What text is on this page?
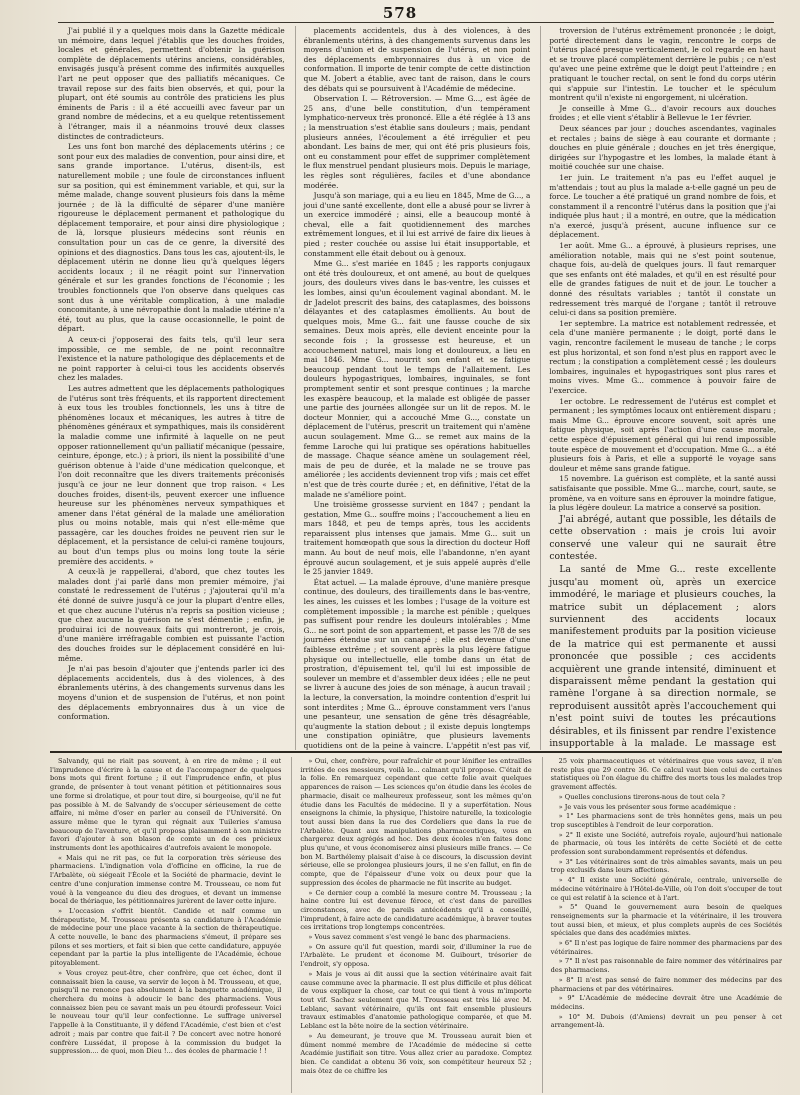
578

J'ai publié il y a quelques mois dans la Gazette médicale un mémoire, dans lequel j'établis que les douches froides, locales et générales, permettent d'obtenir la guérison complète de déplacements utérins anciens, considérables, envisagés jusqu'à présent comme des infirmités auxquelles l'art ne peut opposer que des palliatifs mécaniques. Ce travail repose sur des faits bien observés, et qui, pour la plupart, ont été soumis au contrôle des praticiens les plus éminents de Paris : il a été accueilli avec faveur par un grand nombre de médecins, et a eu quelque retentissement à l'étranger, mais il a néanmoins trouvé deux classes distinctes de contradicteurs.

Les uns font bon marché des déplacements utérins ; ce sont pour eux des maladies de convention, pour ainsi dire, et sans grande importance. L'utérus, disent-ils, est naturellement mobile ; une foule de circonstances influent sur sa position, qui est éminemment variable, et qui, sur la même malade, change souvent plusieurs fois dans la même journée ; de là la difficulté de séparer d'une manière rigoureuse le déplacement permanent et pathologique du déplacement temporaire, et pour ainsi dire physiologique ; de là, lorsque plusieurs médecins sont réunis en consultation pour un cas de ce genre, la diversité des opinions et des diagnostics. Dans tous les cas, ajoutent-ils, le déplacement utérin ne donne lieu qu'à quelques légers accidents locaux ; il ne réagit point sur l'innervation générale et sur les grandes fonctions de l'économie ; les troubles fonctionnels que l'on observe dans quelques cas sont dus à une véritable complication, à une maladie concomitante, à une névropathie dont la maladie utérine n'a été, tout au plus, que la cause occasionnelle, le point de départ.

A ceux-ci j'opposerai des faits tels, qu'il leur sera impossible, ce me semble, de ne point reconnaître l'existence et la nature pathologique des déplacements et de ne point rapporter à celui-ci tous les accidents observés chez les malades.

Les autres admettent que les déplacements pathologiques de l'utérus sont très fréquents, et ils rapportent directement à eux tous les troubles fonctionnels, les uns à titre de phénomènes locaux et mécaniques, les autres à titre de phénomènes généraux et sympathiques, mais ils considèrent la maladie comme une infirmité à laquelle on ne peut opposer rationnellement qu'un palliatif mécanique (pessaire, ceinture, éponge, etc.) ; à priori, ils nient la possibilité d'une guérison obtenue à l'aide d'une médication quelconque, et l'on doit reconnaître que les divers traitements préconisés jusqu'à ce jour ne leur donnent que trop raison. « Les douches froides, disent-ils, peuvent exercer une influence heureuse sur les phénomènes nerveux sympathiques et amener dans l'état général de la malade une amélioration plus ou moins notable, mais qui n'est elle-même que passagère, car les douches froides ne peuvent rien sur le déplacement, et la persistance de celui-ci ramène toujours, au bout d'un temps plus ou moins long toute la série première des accidents. »

A ceux-là je rappellerai, d'abord, que chez toutes les malades dont j'ai parlé dans mon premier mémoire, j'ai constaté le redressement de l'utérus ; j'ajouterai qu'il m'a été donné de suivre jusqu'à ce jour la plupart d'entre elles, et que chez aucune l'utérus n'a repris sa position vicieuse ; que chez aucune la guérison ne s'est démentie ; enfin, je produirai ici de nouveaux faits qui montreront, je crois, d'une manière irréfragable combien est puissante l'action des douches froides sur le déplacement considéré en lui-même.

Je n'ai pas besoin d'ajouter que j'entends parler ici des déplacements accidentels, dus à des violences, à des ébranlements utérins, à des changements survenus dans les moyens d'union et de suspension de l'utérus, et non point des déplacements embryonnaires dus à un vice de conformation.

placements accidentels, dus à des violences, à des ébranlements utérins, à des changements survenus dans les moyens d'union et de suspension de l'utérus, et non point des déplacements embryonnaires dus à un vice de conformation. Il importe de tenir compte de cette distinction que M. Jobert a établie, avec tant de raison, dans le cours des débats qui se poursuivent à l'Académie de médecine.

Observation I. — Rétroversion. — Mme G..., est âgée de 25 ans, d'une belle constitution, d'un tempérament lymphatico-nerveux très prononcé. Elle a été réglée à 13 ans ; la menstruation s'est établie sans douleurs ; mais, pendant plusieurs années, l'écoulement a été irrégulier et peu abondant. Les bains de mer, qui ont été pris plusieurs fois, ont eu constamment pour effet de supprimer complètement le flux menstruel pendant plusieurs mois. Depuis le mariage, les règles sont régulières, faciles et d'une abondance modérée.

Jusqu'à son mariage, qui a eu lieu en 1845, Mme de G..., a joui d'une santé excellente, dont elle a abusé pour se livrer à un exercice immodéré ; ainsi, elle a beaucoup monté à cheval, elle a fait quotidiennement des marches extrêmement longues, et il lui est arrivé de faire dix lieues à pied ; rester couchée ou assise lui était insupportable, et constamment elle était debout ou à genoux.

Mme G... s'est mariée en 1845 ; les rapports conjugaux ont été très douloureux, et ont amené, au bout de quelques jours, des douleurs vives dans le bas-ventre, les cuisses et les lombes, ainsi qu'un écoulement vaginal abondant. M. le dr Jadelot prescrit des bains, des cataplasmes, des boissons délayantes et des cataplasmes émollients. Au bout de quelques mois, Mme G... fait une fausse couche de six semaines. Deux mois après, elle devient enceinte pour la seconde fois ; la grossesse est heureuse, et un accouchement naturel, mais long et douloureux, a lieu en mai 1846. Mme G... nourrit son enfant et se fatigue beaucoup pendant tout le temps de l'allaitement. Les douleurs hypogastriques, lombaires, inguinales, se font promptement sentir et sont presque continues ; la marche les exaspère beaucoup, et la malade est obligée de passer une partie des journées allongée sur un lit de repos. M. le docteur Monnier, qui a accouché Mme G..., constate un déplacement de l'utérus, prescrit un traitement qui n'amène aucun soulagement. Mme G... se remet aux mains de la femme Laroche qui lui pratique ses opérations habituelles de massage. Chaque séance amène un soulagement réel, mais de peu de durée, et la malade ne se trouve pas améliorée ; les accidents deviennent trop vifs ; mais cet effet n'est que de très courte durée ; et, en définitive, l'état de la malade ne s'améliore point.

Une troisième grossesse survient en 1847 ; pendant la gestation, Mme G... souffre moins ; l'accouchement a lieu en mars 1848, et peu de temps après, tous les accidents reparaissent plus intenses que jamais. Mme G... suit un traitement homœopath que sous la direction du docteur Hoff mann. Au bout de neuf mois, elle l'abandonne, n'en ayant éprouvé aucun soulagement, et je suis appelé auprès d'elle le 25 janvier 1849.

État actuel. — La malade éprouve, d'une manière presque continue, des douleurs, des tiraillements dans le bas-ventre, les aines, les cuisses et les lombes ; l'usage de la voiture est complètement impossible ; la marche est pénible ; quelques pas suffisent pour rendre les douleurs intolérables ; Mme G... ne sort point de son appartement, et passe les 7/8 de ses journées étendue sur un canapé ; elle est devenue d'une faiblesse extrême ; et souvent après la plus légère fatigue physique ou intellectuelle, elle tombe dans un état de prostration, d'épuisement tel, qu'il lui est impossible de soulever un membre et d'assembler deux idées ; elle ne peut se livrer à aucune des joies de son ménage, à aucun travail ; la lecture, la conversation, la moindre contention d'esprit lui sont interdites ; Mme G... éprouve constamment vers l'anus une pesanteur, une sensation de gêne très désagréable, qu'augmente la station debout ; il existe depuis longtemps une constipation opiniâtre, que plusieurs lavements quotidiens ont de la peine à vaincre. L'appétit n'est pas vif,

troversion de l'utérus extrêmement prononcée ; le doigt, porté directement dans le vagin, rencontre le corps de l'utérus placé presque verticalement, le col regarde en haut et se trouve placé complètement derrière le pubis ; ce n'est qu'avec une peine extrême que le doigt peut l'atteindre ; en pratiquant le toucher rectal, on sent le fond du corps utérin qui s'appuie sur l'intestin. Le toucher et le spéculum montrent qu'il n'existe ni engorgement, ni ulcération.

Je conseille à Mme G... d'avoir recours aux douches froides ; et elle vient s'établir à Bellevue le 1er février.

Deux séances par jour ; douches ascendantes, vaginales et rectales ; bains de siège à eau courante et dormante ; douches en pluie générale ; douches en jet très énergique, dirigées sur l'hypogastre et les lombes, la malade étant à moitié couchée sur une chaise.

1er juin. Le traitement n'a pas eu l'effet auquel je m'attendais ; tout au plus la malade a-t-elle gagné un peu de force. Le toucher a été pratiqué un grand nombre de fois, et constamment il a rencontré l'utérus dans la position que j'ai indiquée plus haut ; il a montré, en outre, que la médication n'a exercé, jusqu'à présent, aucune influence sur ce déplacement.

1er août. Mme G... a éprouvé, à plusieurs reprises, une amélioration notable, mais qui ne s'est point soutenue, chaque fois, au-delà de quelques jours. Il faut remarquer que ses enfants ont été malades, et qu'il en est résulté pour elle de grandes fatigues de nuit et de jour. Le toucher a donné des résultats variables ; tantôt il constate un redressement très marqué de l'organe ; tantôt il retrouve celui-ci dans sa position première.

1er septembre. La matrice est notablement redressée, et cela d'une manière permanente ; le doigt, porté dans le vagin, rencontre facilement le museau de tanche ; le corps est plus horizontal, et son fond n'est plus en rapport avec le rectum ; la constipation a complètement cessé ; les douleurs lombaires, inguinales et hypogastriques sont plus rares et moins vives. Mme G... commence à pouvoir faire de l'exercice.

1er octobre. Le redressement de l'utérus est complet et permanent ; les symptômes locaux ont entièrement disparu ; mais Mme G... éprouve encore souvent, soit après une fatigue physique, soit après l'action d'une cause morale, cette espèce d'épuisement général qui lui rend impossible toute espèce de mouvement et d'occupation. Mme G... a été plusieurs fois à Paris, et elle a supporté le voyage sans douleur et même sans grande fatigue.

15 novembre. La guérison est complète, et la santé aussi satisfaisante que possible. Mme G... marche, court, saute, se promène, va en voiture sans en éprouver la moindre fatigue, la plus légère douleur. La matrice a conservé sa position.

J'ai abrégé, autant que possible, les détails de cette observation : mais je crois lui avoir conservé une valeur qui ne saurait être contestée.

La santé de Mme G... reste excellente jusqu'au moment où, après un exercice immodéré, le mariage et plusieurs couches, la matrice subit un déplacement ; alors surviennent des accidents locaux manifestement produits par la position vicieuse de la matrice qui est permanente et aussi prononcée que possible ; ces accidents acquièrent une grande intensité, diminuent et disparaissent même pendant la gestation qui ramène l'organe à sa direction normale, se reproduisent aussitôt après l'accouchement qui n'est point suivi de toutes les précautions désirables, et ils finissent par rendre l'existence insupportable à la malade. Le massage est

Salvandy, qui ne riait pas souvent, à en rire de même ; il eut l'imprudence d'écrire à la cause et de l'accompagner de quelques bons mots qui firent fortune ; il eut l'imprudence enfin, et plus grande, de présenter à tout venant pétition et pétitionnaires sous une forme si drolatique, et pour tout dire, si bourgeoise, qu'il ne fut pas possible à M. de Salvandy de s'occuper sérieusement de cette affaire, ni même d'oser en parler au conseil de l'Université. On assure même que le tyran qui régnait aux Tuileries s'amusa beaucoup de l'aventure, et qu'il proposa plaisamment à son ministre favori d'ajouter à son blason de comte un de ces précieux instruments dont les apothicaires d'autrefois avaient le monopole.

« Mais qui ne rit pas, ce fut la corporation très sérieuse des pharmaciens. L'indignation vola d'officine en officine, la rue de l'Arbalète, où siégeait l'École et la Société de pharmacie, devint le centre d'une conjuration immense contre M. Trousseau, ce nom fut voué à la vengeance du dieu des drogues, et devant un immense bocal de thériaque, les pétitionnaires jurèrent de laver cette injure.

» L'occasion s'offrit bientôt. Candide et naïf comme un thérapeutiste, M. Trousseau présenta sa candidature à l'Académie de médecine pour une place vacante à la section de thérapeutique. À cette nouvelle, le banc des pharmaciens s'émeut, il prépare ses pilons et ses mortiers, et fait si bien que cette candidature, appuyée cependant par la partie la plus intelligente de l'Académie, échoue pitoyablement.

» Vous croyez peut-être, cher confrère, que cet échec, dont il connaissait bien la cause, va servir de leçon à M. Trousseau, et que, puisqu'il ne renonce pas absolument à la banquette académique, il cherchera du moins à adoucir le banc des pharmaciens. Vous connaissez bien peu ce savant mais un peu étourdi professeur. Voici le nouveau tour qu'il leur confectionne. Le suffrage universel l'appelle à la Constituante, il y défend l'Académie, c'est bien et c'est adroit ; mais par contre que fait-il ? De concert avec notre honoré confrère Lussédat, il propose à la commission du budget la suppression.... de quoi, mon Dieu !... des écoles de pharmacie ! !

» Oui, cher, confrère, pour rafraîchir et pour lénifier les entrailles irritées de ces messieurs, voilà le... calmant qu'il propose. C'était de la folie. En remarquez cependant que cette folie avait quelques apparences de raison — Les sciences qu'on étudie dans les écoles de pharmacie, disait ce malheureux professeur, sont les mêmes qu'on étudie dans les Facultés de médecine. Il y a superfétation. Nous enseignons la chimie, la physique, l'histoire naturelle, la toxicologie tout aussi bien dans la rue des Cordeliers que dans la rue de l'Arbalète. Quant aux manipulations pharmaceutiques, vous en chargerez deux agrégés ad hoc. Des deux écoles n'en faites donc plus qu'une, et vous économiserez ainsi plusieurs mille francs. — Ce bon M. Barthélemy plaisait d'aise à ce discours, la discussion devint sérieuse, elle se prolongea plusieurs jours, il ne s'en fallut, en fin de compte, que de l'épaisseur d'une voix ou deux pour que la suppression des écoles de pharmacie ne fût inscrite au budget.

» Ce dernier coup a comblé la mesure contre M. Trousseau ; la haine contre lui est devenue féroce, et c'est dans de pareilles circonstances, avec de pareils antécédents qu'il a conseillé, l'imprudent, à faire acte de candidature académique, à braver toutes ces irritations trop longtemps concentrées.

» Vous savez comment s'est vengé le banc des pharmaciens.

» On assure qu'il fut question, mardi soir, d'illuminer la rue de l'Arbalète. Le prudent et économe M. Guibourt, trésorier de l'endroit, s'y opposa.

» Mais je vous ai dit aussi que la section vétérinaire avait fait cause commune avec la pharmacie. Il est plus difficile et plus délicat de vous expliquer la chose, car tout ce qui tient à vous m'importe tout vif. Sachez seulement que M. Trousseau est très lié avec M. Leblanc, savant vétérinaire, qu'ils ont fait ensemble plusieurs travaux estimables d'anatomie pathologique comparée, et que M. Leblanc est la bête noire de la section vétérinaire.

» Au demeurant, je trouve que M. Trousseau aurait bien et dûment nommé membre de l'Académie de médecine si cette Académie justifiait son titre. Vous allez crier au paradoxe. Comptez bien. Ce candidat a obtenu 36 voix, son compétiteur heureux 52 ; mais ôtez de ce chiffre les

25 voix pharmaceutiques et vétérinaires que vous savez, il n'en reste plus que 29 contre 36. Ce calcul vaut bien celui de certaines statistiques où l'on élague du chiffre des morts tous les malades trop gravement affectés.

» Quelles conclusions tirerons-nous de tout cela ?

» Je vais vous les présenter sous forme académique :

» 1° Les pharmaciens sont de très honnêtes gens, mais un peu trop susceptibles à l'endroit de leur corporation.

» 2° Il existe une Société, autrefois royale, aujourd'hui nationale de pharmacie, où tous les intérêts de cette Société et de cette profession sont surabondamment représentés et défendus.

» 3° Les vétérinaires sont de très aimables savants, mais un peu trop exclusifs dans leurs affections.

» 4° Il existe une Société générale, centrale, universelle de médecine vétérinaire à l'Hôtel-de-Ville, où l'on doit s'occuper de tout ce qui est relatif à la science et à l'art.

» 5° Quand le gouvernement aura besoin de quelques renseignements sur la pharmacie et la vétérinaire, il les trouvera tout aussi bien, et mieux, et plus complets auprès de ces Sociétés spéciales que dans des académies mixtes.

» 6° Il n'est pas logique de faire nommer des pharmaciens par des vétérinaires.

» 7° Il n'est pas raisonnable de faire nommer des vétérinaires par des pharmaciens.

» 8° Il n'est pas sensé de faire nommer des médecins par des pharmaciens et par des vétérinaires.

» 9° L'Académie de médecine devrait être une Académie de médecins.

» 10° M. Dubois (d'Amiens) devrait un peu penser à cet arrangement-là.
